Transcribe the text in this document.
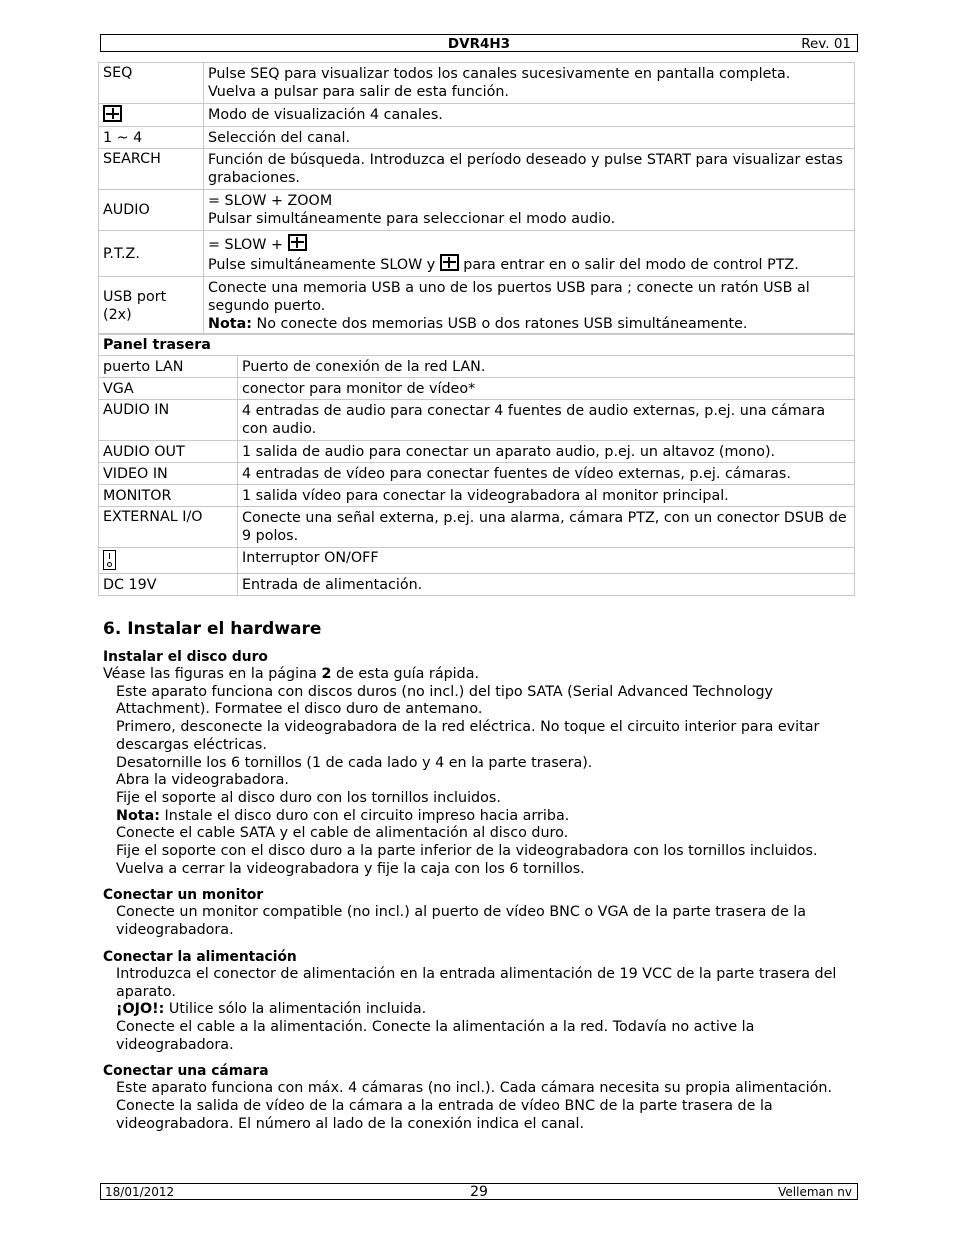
DVR4H3	Rev. 01
SEQ	Pulse SEQ para visualizar todos los canales sucesivamente en pantalla completa.
Vuelva a pulsar para salir de esta función.

	Modo de visualización 4 canales.
1 ~ 4	Selección del canal.
SEARCH	Función de búsqueda. Introduzca el período deseado y pulse START para visualizar estas grabaciones.
AUDIO	= SLOW + ZOOM
Pulsar simultáneamente para seleccionar el modo audio.

P.T.Z.	= SLOW +
Pulse simultáneamente SLOW y  para entrar en o salir del modo de control PTZ.

USB port (2x)	Conecte una memoria USB a uno de los puertos USB para ; conecte un ratón USB al segundo puerto.
Nota: No conecte dos memorias USB o dos ratones USB simultáneamente.
Panel trasera	
puerto LAN	Puerto de conexión de la red LAN.
VGA	conector para monitor de vídeo*
AUDIO IN	4 entradas de audio para conectar 4 fuentes de audio externas, p.ej. una cámara con audio.
AUDIO OUT	1 salida de audio para conectar un aparato audio, p.ej. un altavoz (mono).
VIDEO IN	4 entradas de vídeo para conectar fuentes de vídeo externas, p.ej. cámaras.
MONITOR	1 salida vídeo para conectar la videograbadora al monitor principal.
EXTERNAL I/O	Conecte una señal externa, p.ej. una alarma, cámara PTZ, con un conector DSUB de 9 polos.
	Interruptor ON/OFF
DC 19V	Entrada de alimentación.
6. Instalar el hardware
Instalar el disco duro

Véase las figuras en la página 2 de esta guía rápida.

Este aparato funciona con discos duros (no incl.) del tipo SATA (Serial Advanced Technology Attachment). Formatee el disco duro de antemano.

Primero, desconecte la videograbadora de la red eléctrica. No toque el circuito interior para evitar descargas eléctricas.

Desatornille los 6 tornillos (1 de cada lado y 4 en la parte trasera).

Abra la videograbadora.

Fije el soporte al disco duro con los tornillos incluidos.

Nota: Instale el disco duro con el circuito impreso hacia arriba.

Conecte el cable SATA y el cable de alimentación al disco duro.

Fije el soporte con el disco duro a la parte inferior de la videograbadora con los tornillos incluidos.

Vuelva a cerrar la videograbadora y fije la caja con los 6 tornillos.

Conectar un monitor

Conecte un monitor compatible (no incl.) al puerto de vídeo BNC o VGA de la parte trasera de la videograbadora.

Conectar la alimentación

Introduzca el conector de alimentación en la entrada alimentación de 19 VCC de la parte trasera del aparato.

¡OJO!: Utilice sólo la alimentación incluida.

Conecte el cable a la alimentación. Conecte la alimentación a la red. Todavía no active la videograbadora.

Conectar una cámara

Este aparato funciona con máx. 4 cámaras (no incl.). Cada cámara necesita su propia alimentación.

Conecte la salida de vídeo de la cámara a la entrada de vídeo BNC de la parte trasera de la videograbadora. El número al lado de la conexión indica el canal.

18/01/2012	29	Velleman nv
